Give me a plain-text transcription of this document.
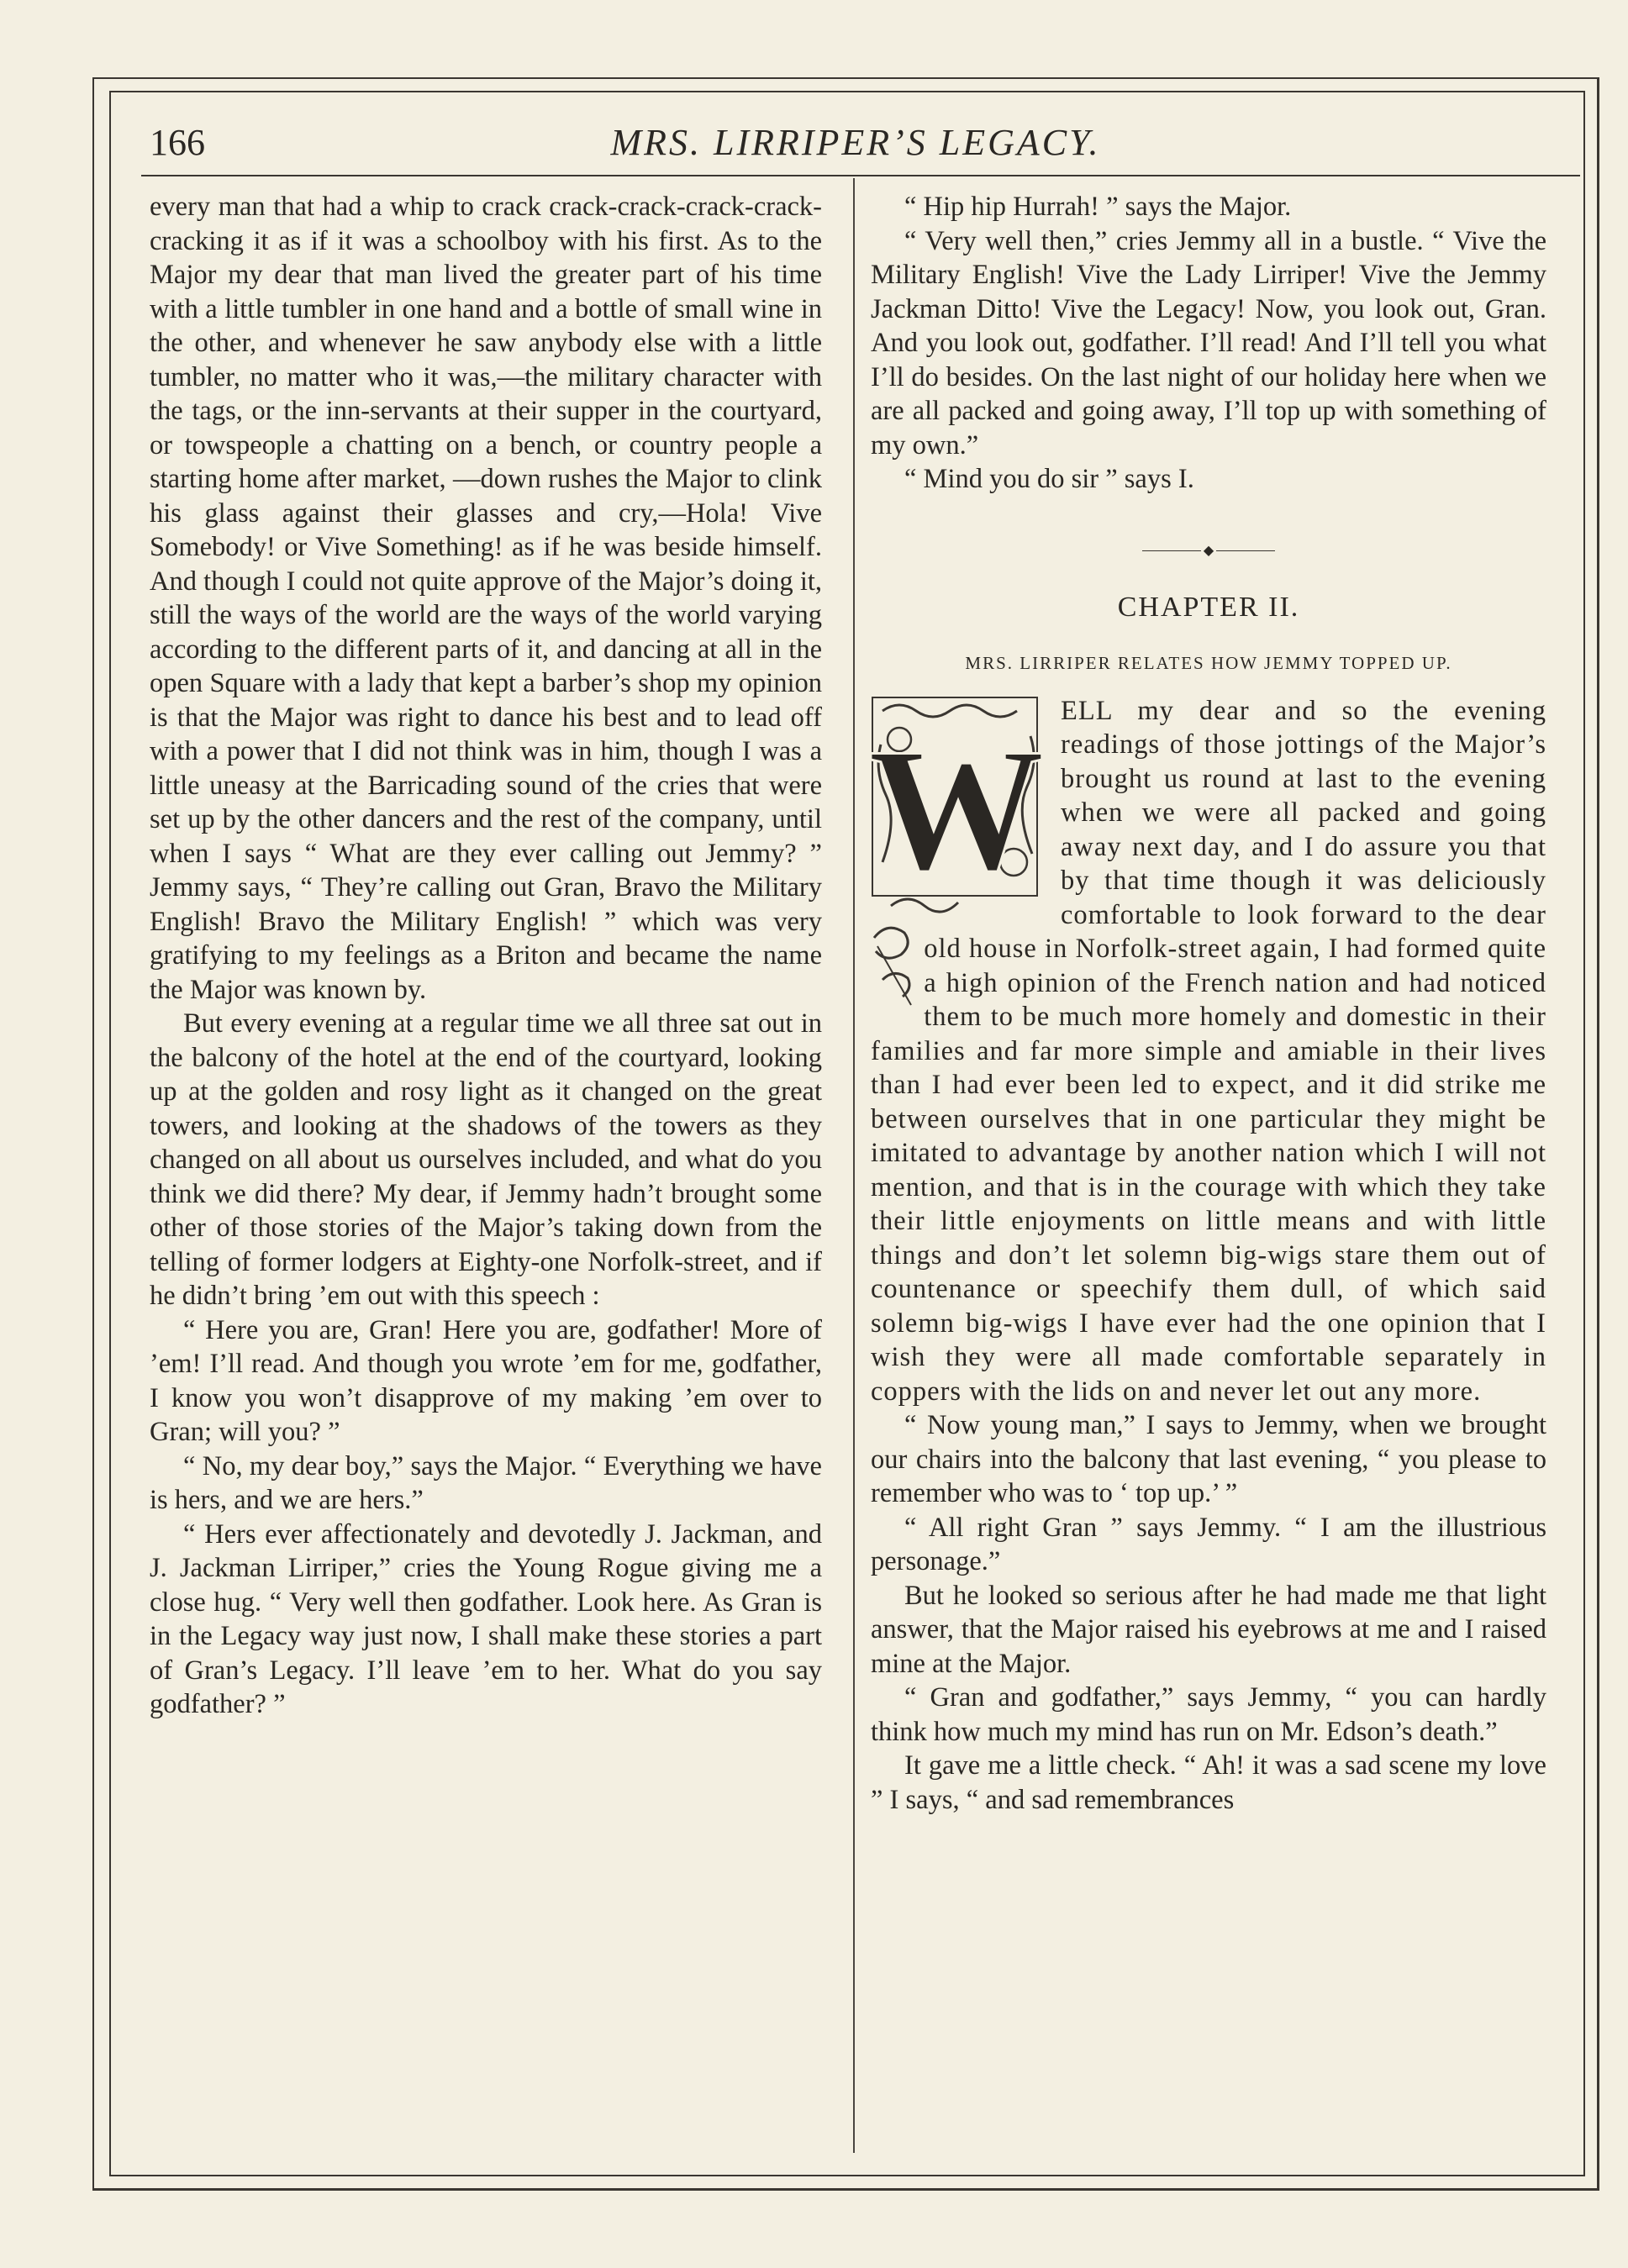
166	MRS. LIRRIPER’S LEGACY.

every man that had a whip to crack crack-crack-crack-crack-cracking it as if it was a schoolboy with his first. As to the Major my dear that man lived the greater part of his time with a little tumbler in one hand and a bottle of small wine in the other, and whenever he saw anybody else with a little tumbler, no matter who it was,—the military character with the tags, or the inn-servants at their supper in the courtyard, or towspeople a chatting on a bench, or country people a starting home after market, —down rushes the Major to clink his glass against their glasses and cry,—Hola! Vive Somebody! or Vive Something! as if he was beside himself. And though I could not quite approve of the Major’s doing it, still the ways of the world are the ways of the world varying according to the different parts of it, and dancing at all in the open Square with a lady that kept a barber’s shop my opinion is that the Major was right to dance his best and to lead off with a power that I did not think was in him, though I was a little uneasy at the Barricading sound of the cries that were set up by the other dancers and the rest of the company, until when I says “ What are they ever calling out Jemmy? ” Jemmy says, “ They’re calling out Gran, Bravo the Military English! Bravo the Military English! ” which was very gratifying to my feelings as a Briton and became the name the Major was known by.

But every evening at a regular time we all three sat out in the balcony of the hotel at the end of the courtyard, looking up at the golden and rosy light as it changed on the great towers, and looking at the shadows of the towers as they changed on all about us ourselves included, and what do you think we did there? My dear, if Jemmy hadn’t brought some other of those stories of the Major’s taking down from the telling of former lodgers at Eighty-one Norfolk-street, and if he didn’t bring ’em out with this speech :

“ Here you are, Gran! Here you are, godfather! More of ’em! I’ll read. And though you wrote ’em for me, godfather, I know you won’t disapprove of my making ’em over to Gran; will you? ”

“ No, my dear boy,” says the Major. “ Everything we have is hers, and we are hers.”

“ Hers ever affectionately and devotedly J. Jackman, and J. Jackman Lirriper,” cries the Young Rogue giving me a close hug. “ Very well then godfather. Look here. As Gran is in the Legacy way just now, I shall make these stories a part of Gran’s Legacy. I’ll leave ’em to her. What do you say godfather? ”

“ Hip hip Hurrah! ” says the Major.

“ Very well then,” cries Jemmy all in a bustle. “ Vive the Military English! Vive the Lady Lirriper! Vive the Jemmy Jackman Ditto! Vive the Legacy! Now, you look out, Gran. And you look out, godfather. I’ll read! And I’ll tell you what I’ll do besides. On the last night of our holiday here when we are all packed and going away, I’ll top up with something of my own.”

“ Mind you do sir ” says I.

◆
CHAPTER II.
MRS. LIRRIPER RELATES HOW JEMMY TOPPED UP.
W

ELL my dear and so the evening readings of those jottings of the Major’s brought us round at last to the evening when we were all packed and going away next day, and I do assure you that by that time though it was deliciously comfortable to look forward to the dear old house in Norfolk-street again, I had formed quite a high opinion of the French nation and had noticed them to be much more homely and domestic in their families and far more simple and amiable in their lives than I had ever been led to expect, and it did strike me between ourselves that in one particular they might be imitated to advantage by another nation which I will not mention, and that is in the courage with which they take their little enjoyments on little means and with little things and don’t let solemn big-wigs stare them out of countenance or speechify them dull, of which said solemn big-wigs I have ever had the one opinion that I wish they were all made comfortable separately in coppers with the lids on and never let out any more.

“ Now young man,” I says to Jemmy, when we brought our chairs into the balcony that last evening, “ you please to remember who was to ‘ top up.’ ”

“ All right Gran ” says Jemmy. “ I am the illustrious personage.”

But he looked so serious after he had made me that light answer, that the Major raised his eyebrows at me and I raised mine at the Major.

“ Gran and godfather,” says Jemmy, “ you can hardly think how much my mind has run on Mr. Edson’s death.”

It gave me a little check. “ Ah! it was a sad scene my love ” I says, “ and sad remembrances
